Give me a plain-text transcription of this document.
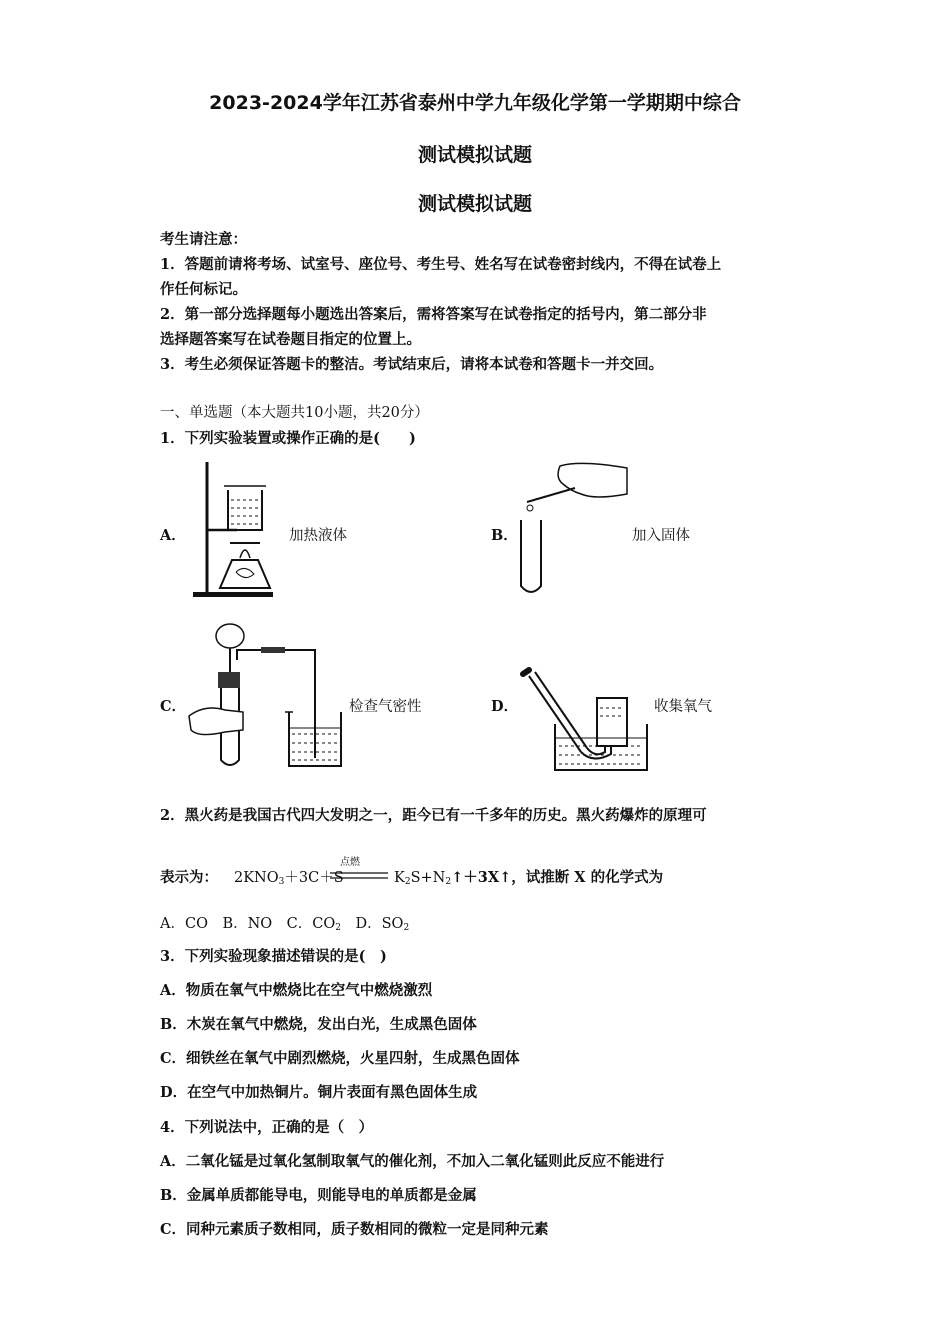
2023-2024学年江苏省泰州中学九年级化学第一学期期中综合
测试模拟试题
测试模拟试题
考生请注意：
1．答题前请将考场、试室号、座位号、考生号、姓名写在试卷密封线内，不得在试卷上
作任何标记。
2．第一部分选择题每小题选出答案后，需将答案写在试卷指定的括号内，第二部分非
选择题答案写在试卷题目指定的位置上。
3．考生必须保证答题卡的整洁。考试结束后，请将本试卷和答题卡一并交回。
一、单选题（本大题共10小题，共20分）
1．下列实验装置或操作正确的是(　　)
A．	加热液体	B．	加入固体
C．	检查气密性	D．	收集氧气
2．黑火药是我国古代四大发明之一，距今已有一千多年的历史。黑火药爆炸的原理可
表示为： $2KNO_3+3C+S$
点燃
$K_2S+N_2↑+3X↑$，试推断 X 的化学式为
A．CO　B．NO　C．$CO_2$　D．$SO_2$
3．下列实验现象描述错误的是(　)
A．物质在氧气中燃烧比在空气中燃烧激烈
B．木炭在氧气中燃烧，发出白光，生成黑色固体
C．细铁丝在氧气中剧烈燃烧，火星四射，生成黑色固体
D．在空气中加热铜片。铜片表面有黑色固体生成
4．下列说法中，正确的是（　）
A．二氧化锰是过氧化氢制取氧气的催化剂，不加入二氧化锰则此反应不能进行
B．金属单质都能导电，则能导电的单质都是金属
C．同种元素质子数相同，质子数相同的微粒一定是同种元素
